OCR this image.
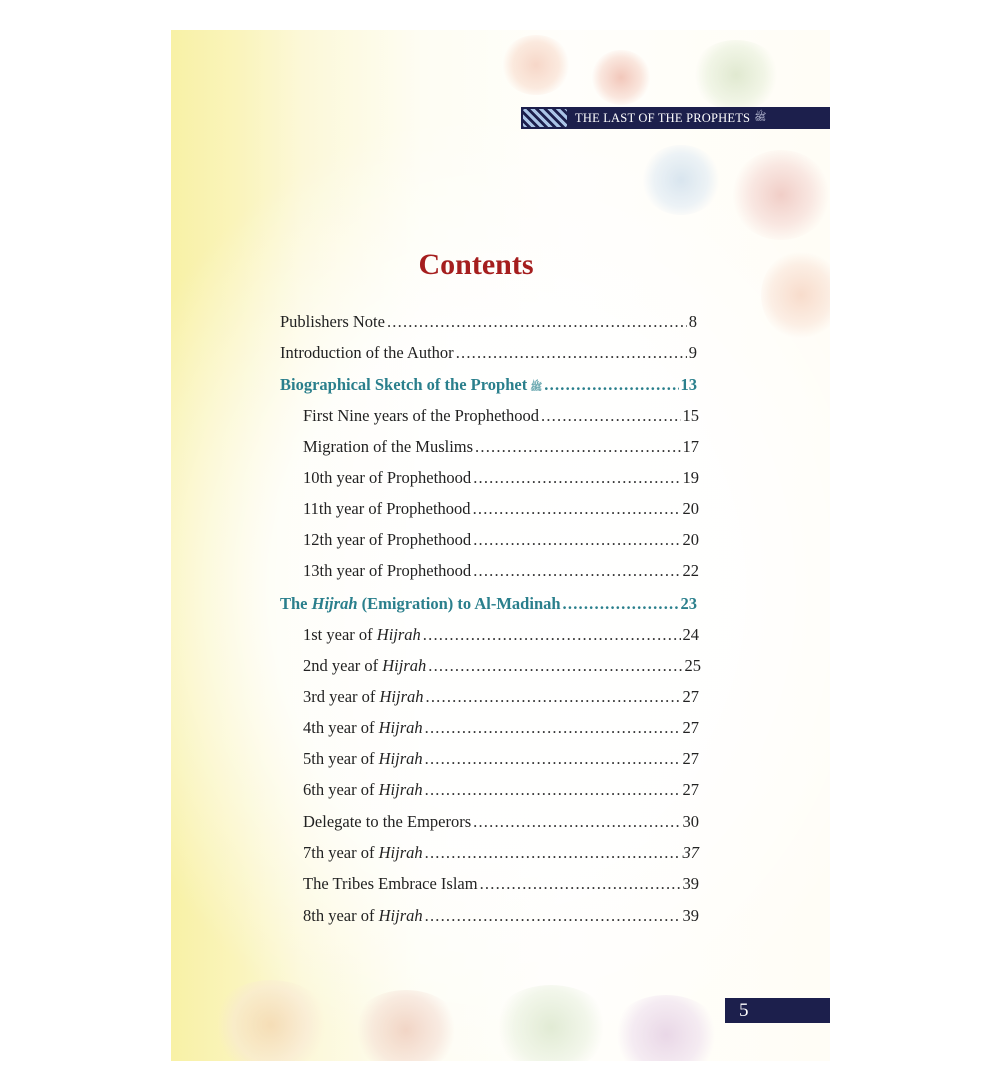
THE LAST OF THE PROPHETS ﷺ
Contents
Publishers Note .....	8
Introduction of the Author .....	9
Biographical Sketch of the Prophet ﷺ .....	13
First Nine years of the Prophethood .....	15
Migration of the Muslims .....	17
10th year of Prophethood .....	19
11th year of Prophethood .....	20
12th year of Prophethood .....	20
13th year of Prophethood .....	22
The Hijrah (Emigration) to Al-Madinah .....	23
1st year of Hijrah .....	24
2nd year of Hijrah .....	25
3rd year of Hijrah .....	27
4th year of Hijrah .....	27
5th year of Hijrah .....	27
6th year of Hijrah .....	27
Delegate to the Emperors .....	30
7th year of Hijrah .....	37
The Tribes Embrace Islam .....	39
8th year of Hijrah .....	39
5
